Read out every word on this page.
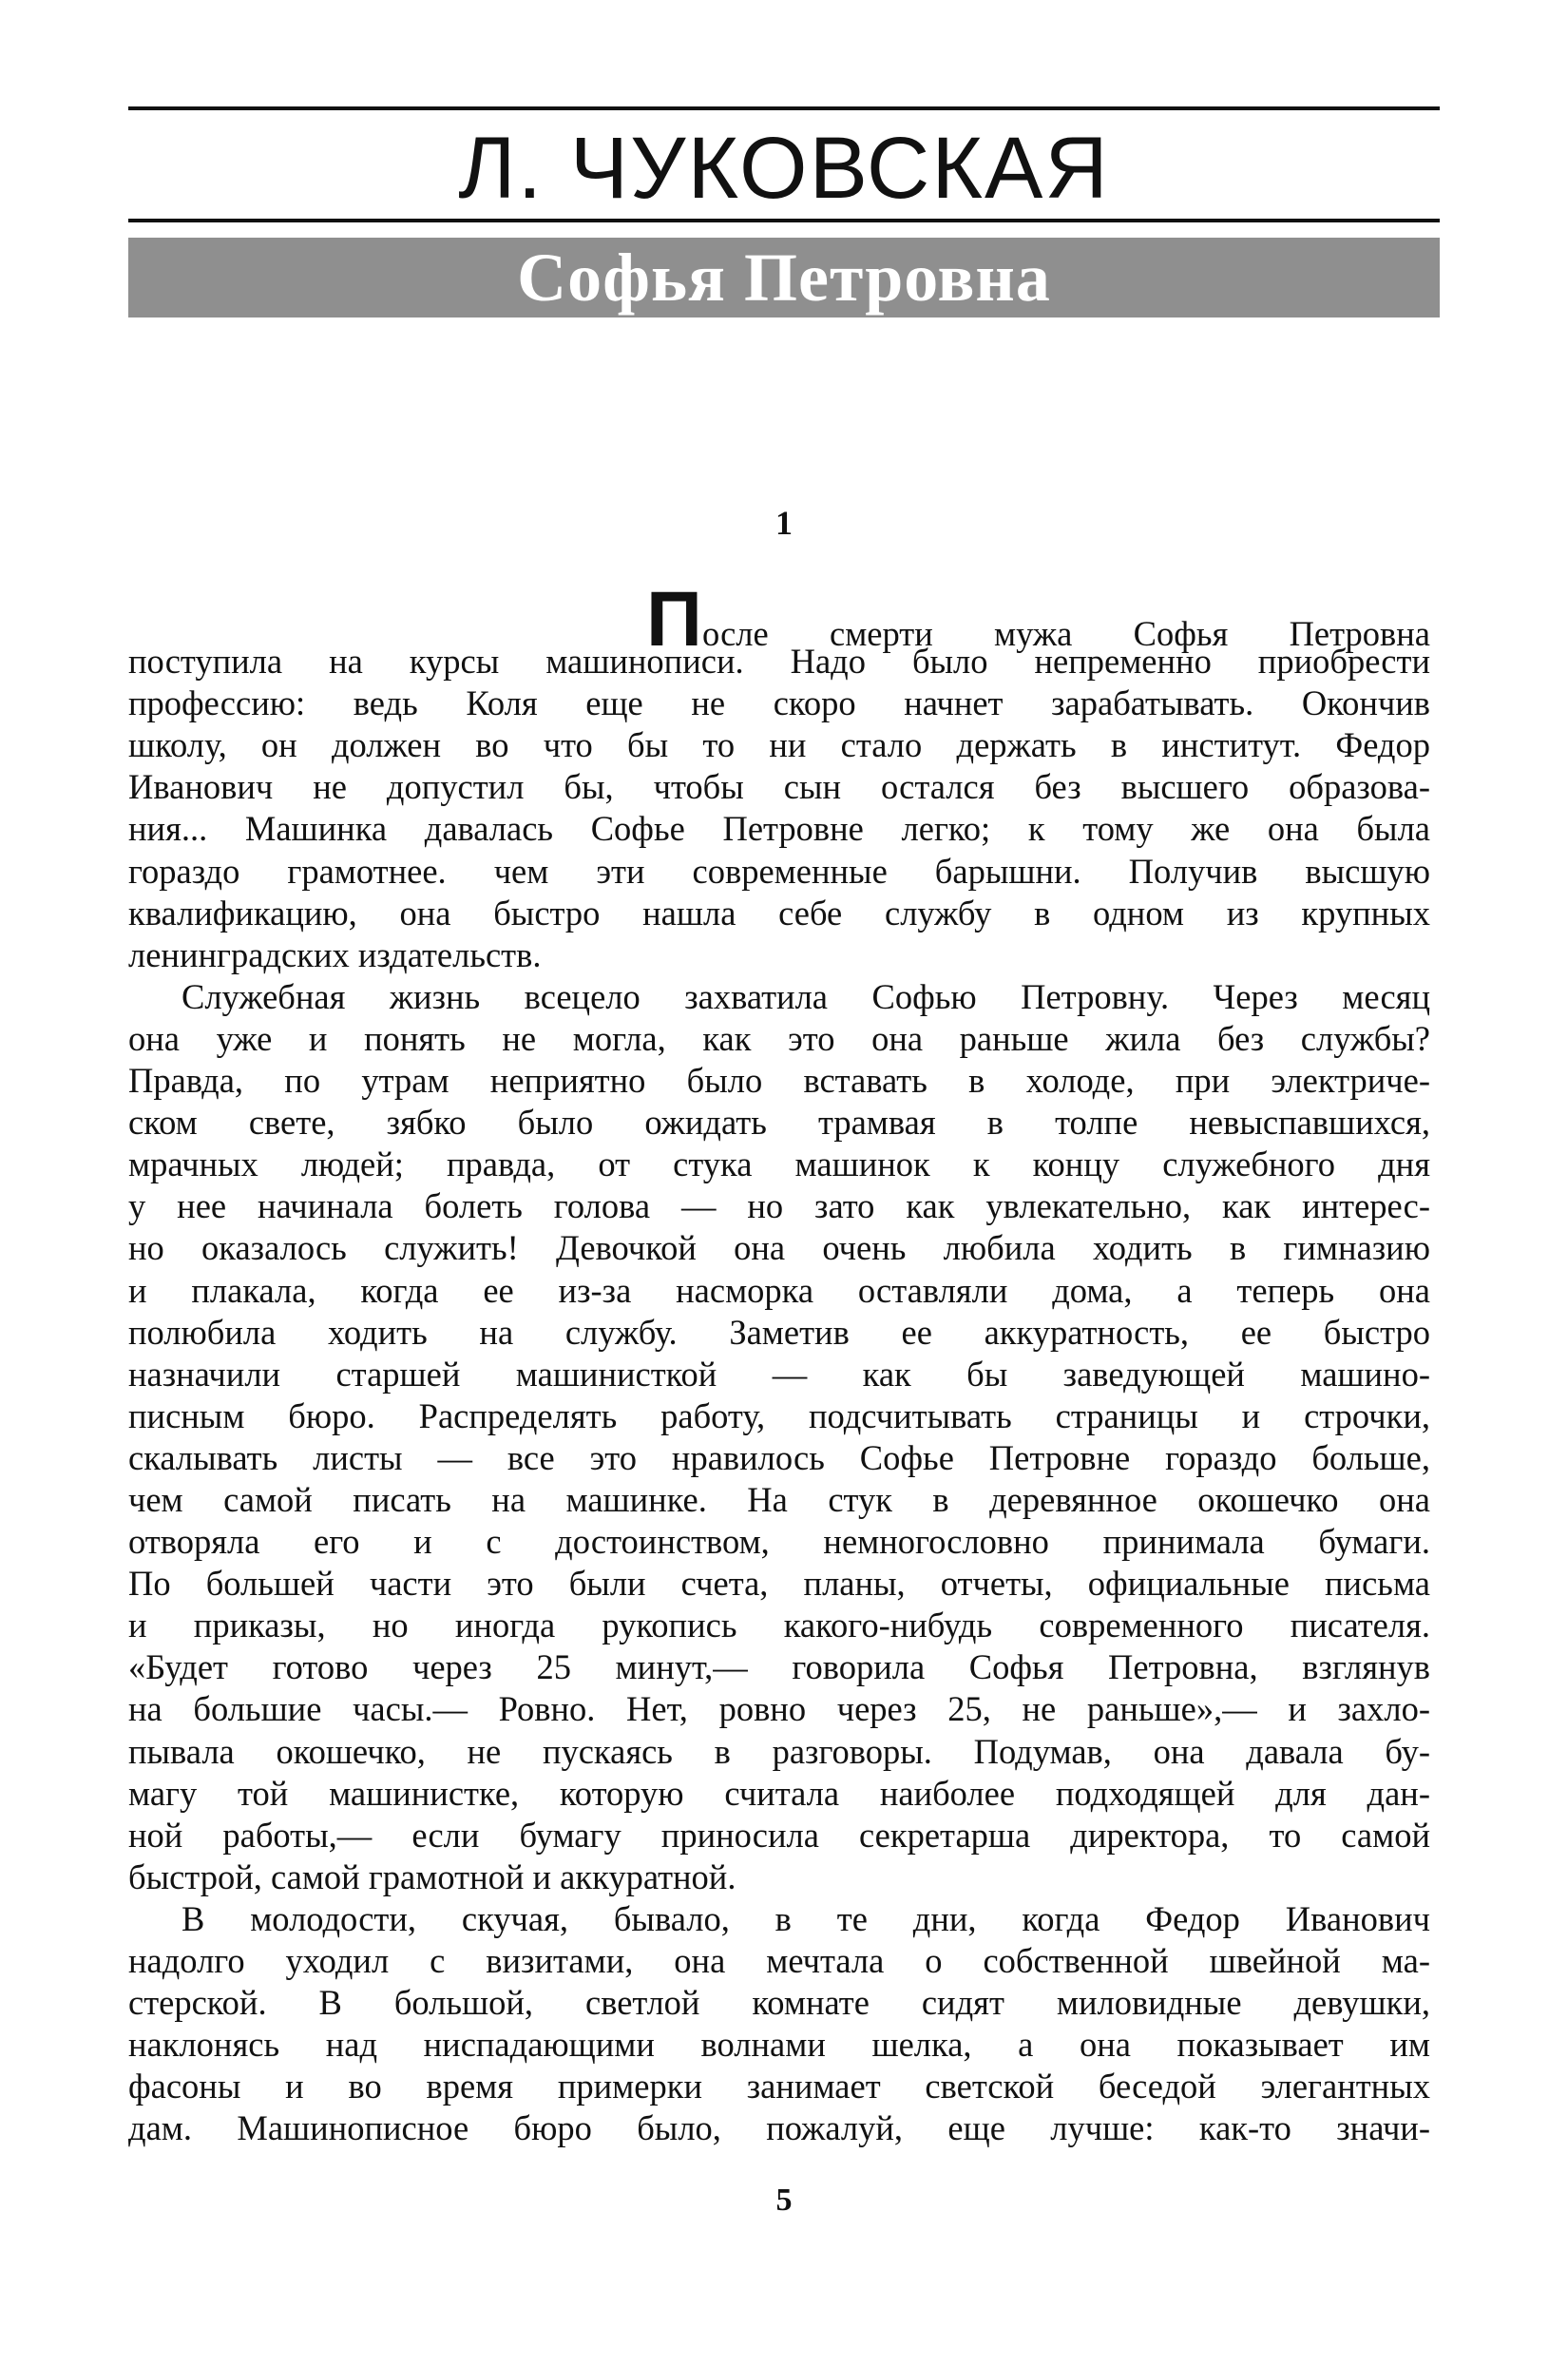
Л. ЧУКОВСКАЯ
Софья Петровна
1
После смерти мужа Софья Петровна
поступила на курсы машинописи. Надо было непременно приобрести
профессию: ведь Коля еще не скоро начнет зарабатывать. Окончив
школу, он должен во что бы то ни стало держать в институт. Федор
Иванович не допустил бы, чтобы сын остался без высшего образова-
ния... Машинка давалась Софье Петровне легко; к тому же она была
гораздо грамотнее. чем эти современные барышни. Получив высшую
квалификацию, она быстро нашла себе службу в одном из крупных
ленинградских издательств.
Служебная жизнь всецело захватила Софью Петровну. Через месяц
она уже и понять не могла, как это она раньше жила без службы?
Правда, по утрам неприятно было вставать в холоде, при электриче-
ском свете, зябко было ожидать трамвая в толпе невыспавшихся,
мрачных людей; правда, от стука машинок к концу служебного дня
у нее начинала болеть голова — но зато как увлекательно, как интерес-
но оказалось служить! Девочкой она очень любила ходить в гимназию
и плакала, когда ее из-за насморка оставляли дома, а теперь она
полюбила ходить на службу. Заметив ее аккуратность, ее быстро
назначили старшей машинисткой — как бы заведующей машино-
писным бюро. Распределять работу, подсчитывать страницы и строчки,
скалывать листы — все это нравилось Софье Петровне гораздо больше,
чем самой писать на машинке. На стук в деревянное окошечко она
отворяла его и с достоинством, немногословно принимала бумаги.
По большей части это были счета, планы, отчеты, официальные письма
и приказы, но иногда рукопись какого-нибудь современного писателя.
«Будет готово через 25 минут,— говорила Софья Петровна, взглянув
на большие часы.— Ровно. Нет, ровно через 25, не раньше»,— и захло-
пывала окошечко, не пускаясь в разговоры. Подумав, она давала бу-
магу той машинистке, которую считала наиболее подходящей для дан-
ной работы,— если бумагу приносила секретарша директора, то самой
быстрой, самой грамотной и аккуратной.
В молодости, скучая, бывало, в те дни, когда Федор Иванович
надолго уходил с визитами, она мечтала о собственной швейной ма-
стерской. В большой, светлой комнате сидят миловидные девушки,
наклонясь над ниспадающими волнами шелка, а она показывает им
фасоны и во время примерки занимает светской беседой элегантных
дам. Машинописное бюро было, пожалуй, еще лучше: как-то значи-
5
